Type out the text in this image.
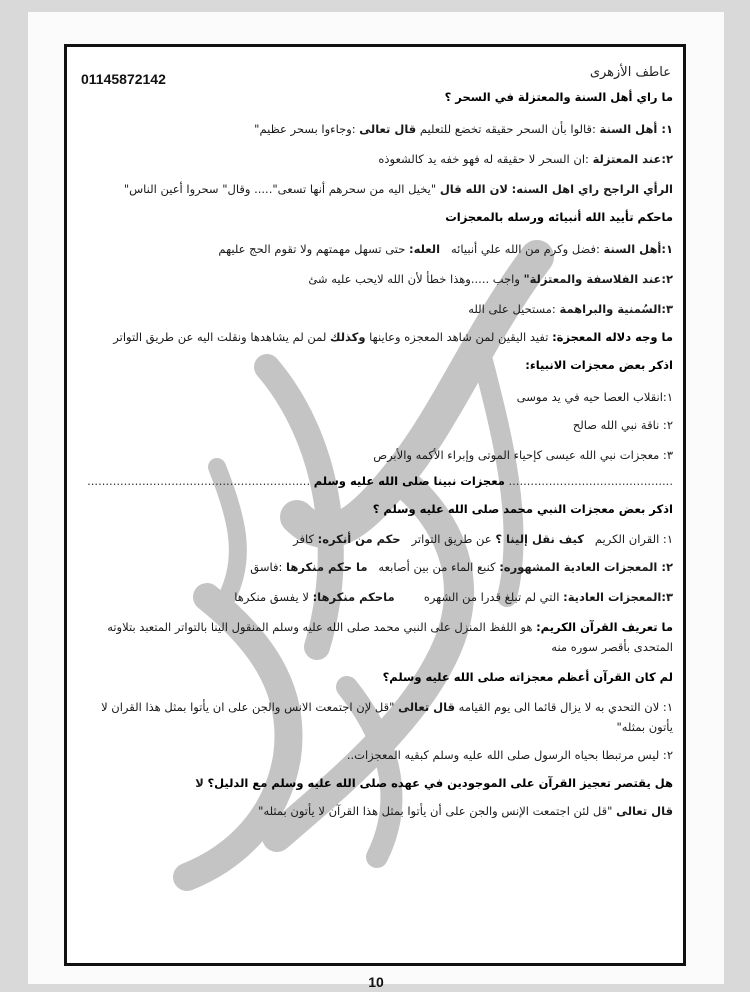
01145872142	عاطف الأزهرى
ما راي أهل السنة والمعتزلة في السحر ؟
١: أهل السنة :قالوا بأن السحر حقيقه تخضع للتعليم قال تعالى :وجاءوا بسحر عظيم"
٢:عند المعتزلة :ان السحر لا حقيقه له فهو خفه يد كالشعوذه
الرأي الراجح راي اهل السنه: لان الله قال "يخيل اليه من سحرهم أنها تسعى"..... وقال" سحروا أعين الناس"
ماحكم تأييد الله أنبيائه ورسله بالمعجزات
١:أهل السنة :فضل وكرم من الله علي أنبيائه   العله: حتى تسهل مهمتهم ولا تقوم الحج عليهم
٢:عند الفلاسفة والمعتزلة" واجب .....وهذا خطأ لأن الله لايحب عليه شئ
٣:السُمنية والبراهمة :مستحيل على الله
ما وجه دلاله المعجزة: تفيد اليقين لمن شاهد المعجزه وعاينها وكذلك لمن لم يشاهدها ونقلت اليه عن طريق التواتر
اذكر بعض معجزات الانبياء:
١:انقلاب العصا حيه في يد موسى
٢: ناقة نبي الله صالح
٣: معجزات نبي الله عيسى كإحياء الموتى وإبراء الأكمه والأبرص
............................................. معجزات نبينا صلى الله عليه وسلم .............................................................
اذكر بعض معجزات النبي محمد صلى الله عليه وسلم ؟
١: القران الكريم   كيف نقل إلينا ؟ عن طريق التواتر   حكم من أنكره: كافر
٢: المعجزات العادية المشهوره: كنبع الماء من بين أصابعه   ما حكم منكرها :فاسق
٣:المعجزات العادية: التي لم تبلغ قدرا من الشهره        ماحكم منكرها: لا يفسق منكرها
ما تعريف القرآن الكريم: هو اللفظ المنزل على النبي محمد صلى الله عليه وسلم المنقول الينا بالتواتر المتعبد بتلاوته المتحدى بأقصر سوره منه
لم كان القرآن أعظم معجزاته صلى الله عليه وسلم؟
١: لان التحدي به لا يزال قائما الى يوم القيامه قال تعالى "قل لإن اجتمعت الانس والجن على ان يأتوا بمثل هذا القران لا يأتون بمثله"
٢: ليس مرتبطا بحياه الرسول صلى الله عليه وسلم كبقيه المعجزات..
هل يقتصر تعجيز القرآن على الموجودين في عهده صلى الله عليه وسلم مع الدليل؟ لا
قال تعالى "قل لئن اجتمعت الإنس والجن على أن يأتوا بمثل هذا القرآن لا يأتون بمثله"
10
